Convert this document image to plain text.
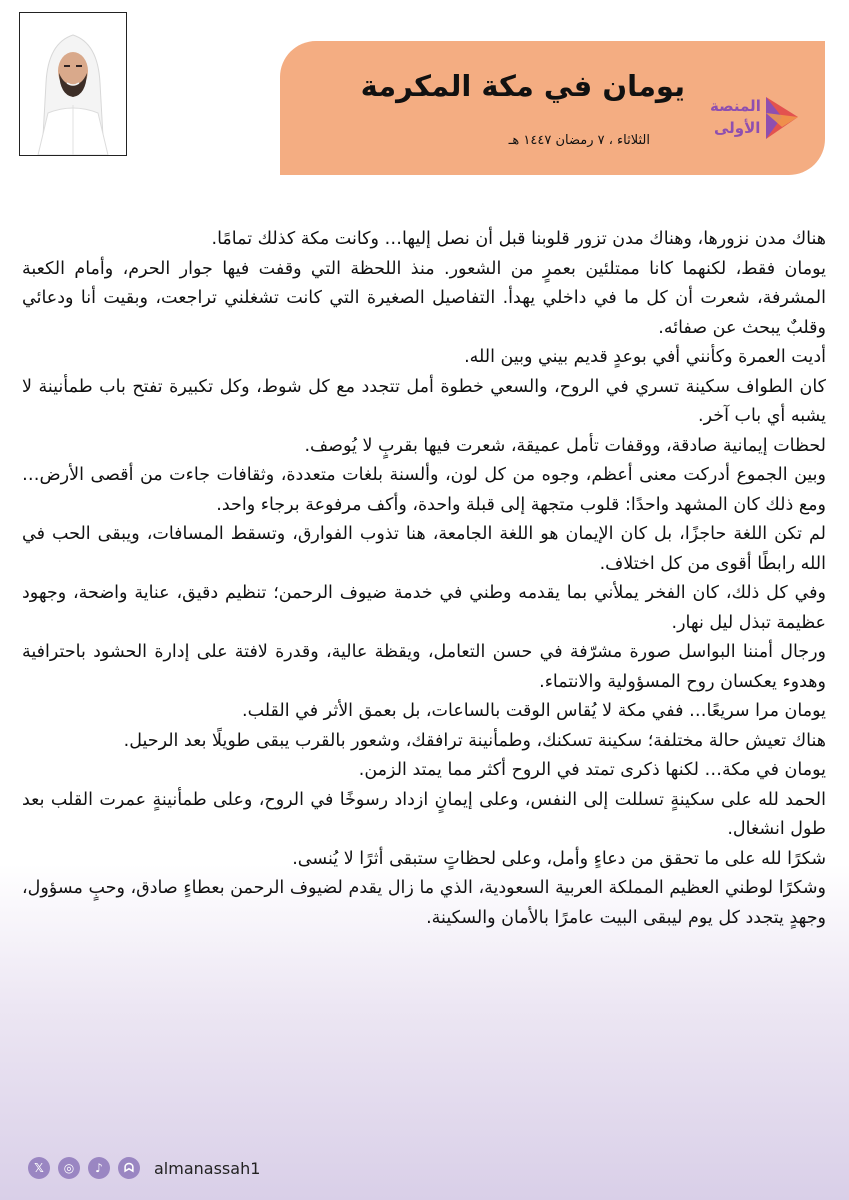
المنصة
الأولى
يومان في مكة المكرمة
الثلاثاء ، ٧ رمضان ١٤٤٧ هـ

هناك مدن نزورها، وهناك مدن تزور قلوبنا قبل أن نصل إليها… وكانت مكة كذلك تمامًا.

يومان فقط، لكنهما كانا ممتلئين بعمرٍ من الشعور. منذ اللحظة التي وقفت فيها جوار الحرم، وأمام الكعبة المشرفة، شعرت أن كل ما في داخلي يهدأ. التفاصيل الصغيرة التي كانت تشغلني تراجعت، وبقيت أنا ودعائي وقلبٌ يبحث عن صفائه.

أديت العمرة وكأنني أفي بوعدٍ قديم بيني وبين الله.

كان الطواف سكينة تسري في الروح، والسعي خطوة أمل تتجدد مع كل شوط، وكل تكبيرة تفتح باب طمأنينة لا يشبه أي باب آخر.

لحظات إيمانية صادقة، ووقفات تأمل عميقة، شعرت فيها بقربٍ لا يُوصف.

وبين الجموع أدركت معنى أعظم، وجوه من كل لون، وألسنة بلغات متعددة، وثقافات جاءت من أقصى الأرض… ومع ذلك كان المشهد واحدًا: قلوب متجهة إلى قبلة واحدة، وأكف مرفوعة برجاء واحد.

لم تكن اللغة حاجزًا، بل كان الإيمان هو اللغة الجامعة، هنا تذوب الفوارق، وتسقط المسافات، ويبقى الحب في الله رابطًا أقوى من كل اختلاف.

وفي كل ذلك، كان الفخر يملأني بما يقدمه وطني في خدمة ضيوف الرحمن؛ تنظيم دقيق، عناية واضحة، وجهود عظيمة تبذل ليل نهار.

ورجال أمننا البواسل صورة مشرّفة في حسن التعامل، ويقظة عالية، وقدرة لافتة على إدارة الحشود باحترافية وهدوء يعكسان روح المسؤولية والانتماء.

يومان مرا سريعًا… ففي مكة لا يُقاس الوقت بالساعات، بل بعمق الأثر في القلب.

هناك تعيش حالة مختلفة؛ سكينة تسكنك، وطمأنينة ترافقك، وشعور بالقرب يبقى طويلًا بعد الرحيل.

يومان في مكة… لكنها ذكرى تمتد في الروح أكثر مما يمتد الزمن.

الحمد لله على سكينةٍ تسللت إلى النفس، وعلى إيمانٍ ازداد رسوخًا في الروح، وعلى طمأنينةٍ عمرت القلب بعد طول انشغال.

شكرًا لله على ما تحقق من دعاءٍ وأمل، وعلى لحظاتٍ ستبقى أثرًا لا يُنسى.

وشكرًا لوطني العظيم المملكة العربية السعودية، الذي ما زال يقدم لضيوف الرحمن بعطاءٍ صادق، وحبٍ مسؤول، وجهدٍ يتجدد كل يوم ليبقى البيت عامرًا بالأمان والسكينة.

𝕏	◎	♪	ᗣ	almanassah1
